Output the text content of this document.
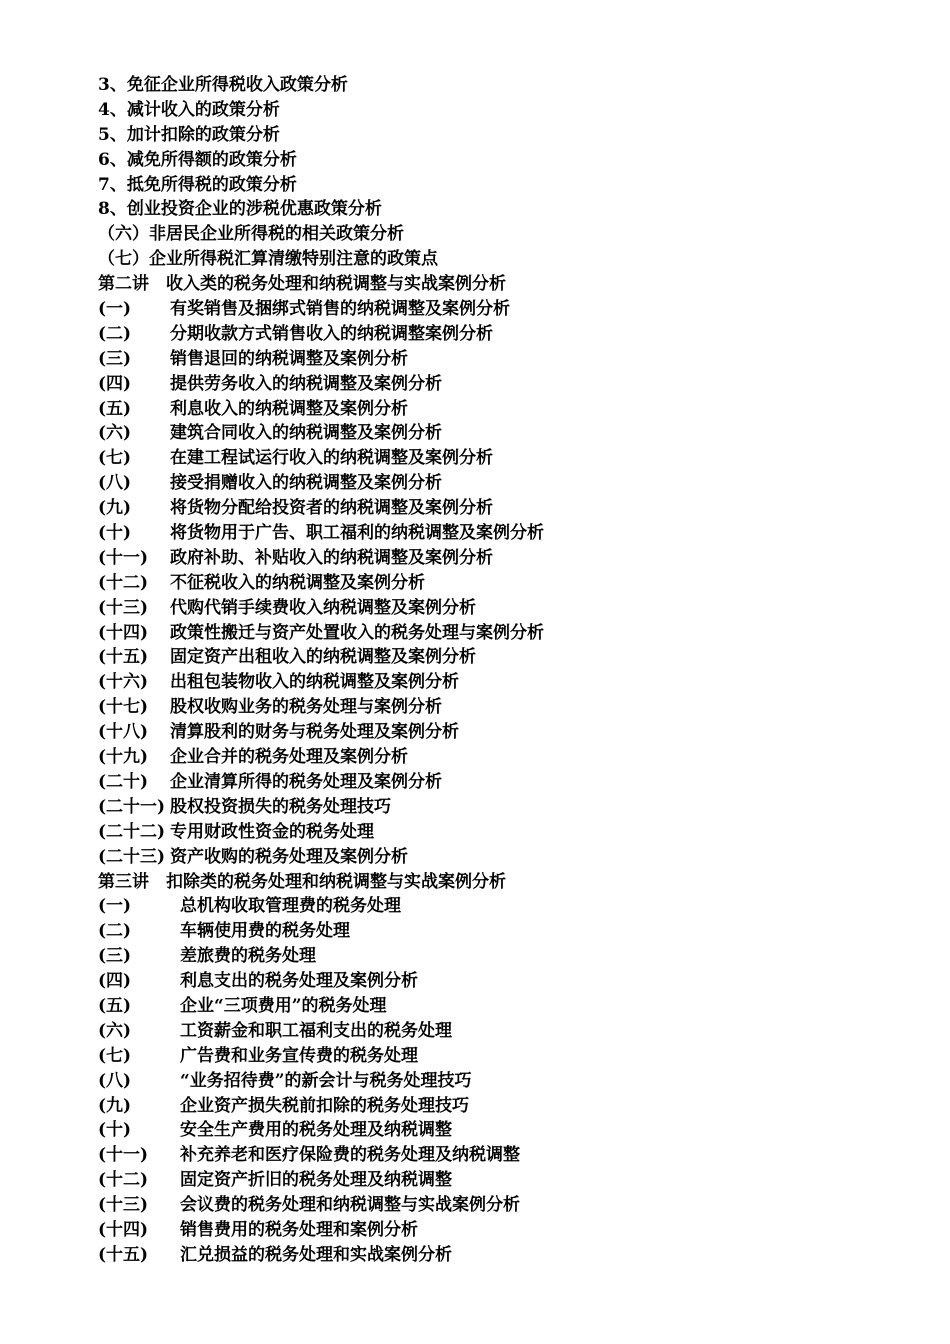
3、免征企业所得税收入政策分析
4、减计收入的政策分析
5、加计扣除的政策分析
6、减免所得额的政策分析
7、抵免所得税的政策分析
8、创业投资企业的涉税优惠政策分析
（六）非居民企业所得税的相关政策分析
（七）企业所得税汇算清缴特别注意的政策点
第二讲　收入类的税务处理和纳税调整与实战案例分析
(一)	有奖销售及捆绑式销售的纳税调整及案例分析
(二)	分期收款方式销售收入的纳税调整案例分析
(三)	销售退回的纳税调整及案例分析
(四)	提供劳务收入的纳税调整及案例分析
(五)	利息收入的纳税调整及案例分析
(六)	建筑合同收入的纳税调整及案例分析
(七)	在建工程试运行收入的纳税调整及案例分析
(八)	接受捐赠收入的纳税调整及案例分析
(九)	将货物分配给投资者的纳税调整及案例分析
(十)	将货物用于广告、职工福利的纳税调整及案例分析
(十一)	政府补助、补贴收入的纳税调整及案例分析
(十二)	不征税收入的纳税调整及案例分析
(十三)	代购代销手续费收入纳税调整及案例分析
(十四)	政策性搬迁与资产处置收入的税务处理与案例分析
(十五)	固定资产出租收入的纳税调整及案例分析
(十六)	出租包装物收入的纳税调整及案例分析
(十七)	股权收购业务的税务处理与案例分析
(十八)	清算股利的财务与税务处理及案例分析
(十九)	企业合并的税务处理及案例分析
(二十)	企业清算所得的税务处理及案例分析
(二十一) 股权投资损失的税务处理技巧
(二十二) 专用财政性资金的税务处理
(二十三) 资产收购的税务处理及案例分析
第三讲　扣除类的税务处理和纳税调整与实战案例分析
(一)	总机构收取管理费的税务处理
(二)	车辆使用费的税务处理
(三)	差旅费的税务处理
(四)	利息支出的税务处理及案例分析
(五)	企业“三项费用”的税务处理
(六)	工资薪金和职工福利支出的税务处理
(七)	广告费和业务宣传费的税务处理
(八)	“业务招待费”的新会计与税务处理技巧
(九)	企业资产损失税前扣除的税务处理技巧
(十)	安全生产费用的税务处理及纳税调整
(十一)	补充养老和医疗保险费的税务处理及纳税调整
(十二)	固定资产折旧的税务处理及纳税调整
(十三)	会议费的税务处理和纳税调整与实战案例分析
(十四)	销售费用的税务处理和案例分析
(十五)	汇兑损益的税务处理和实战案例分析
